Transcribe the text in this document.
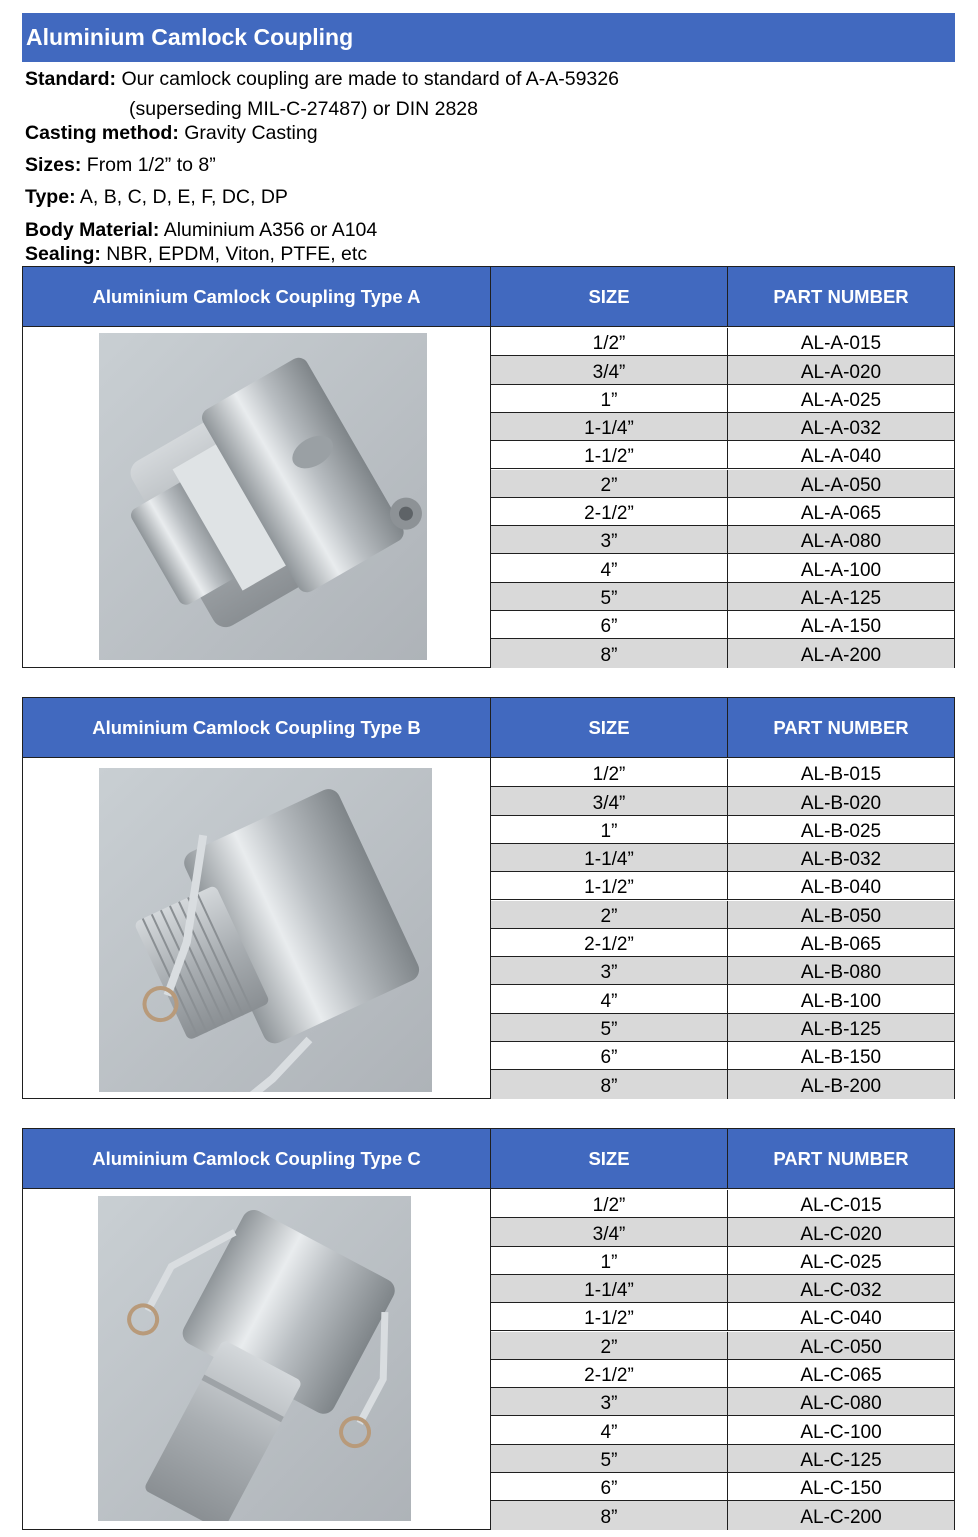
Aluminium Camlock Coupling
Standard: Our camlock coupling are made to standard of A-A-59326
(superseding MIL-C-27487) or DIN 2828
Casting method: Gravity Casting
Sizes: From 1/2” to 8”
Type: A, B, C, D, E, F, DC, DP
Body Material: Aluminium A356 or A104
Sealing: NBR, EPDM, Viton, PTFE, etc
Aluminium Camlock Coupling Type A	SIZE	PART NUMBER
1/2”	AL-A-015
3/4”	AL-A-020
1”	AL-A-025
1-1/4”	AL-A-032
1-1/2”	AL-A-040
2”	AL-A-050
2-1/2”	AL-A-065
3”	AL-A-080
4”	AL-A-100
5”	AL-A-125
6”	AL-A-150
8”	AL-A-200
Aluminium Camlock Coupling Type B	SIZE	PART NUMBER
1/2”	AL-B-015
3/4”	AL-B-020
1”	AL-B-025
1-1/4”	AL-B-032
1-1/2”	AL-B-040
2”	AL-B-050
2-1/2”	AL-B-065
3”	AL-B-080
4”	AL-B-100
5”	AL-B-125
6”	AL-B-150
8”	AL-B-200
Aluminium Camlock Coupling Type C	SIZE	PART NUMBER
1/2”	AL-C-015
3/4”	AL-C-020
1”	AL-C-025
1-1/4”	AL-C-032
1-1/2”	AL-C-040
2”	AL-C-050
2-1/2”	AL-C-065
3”	AL-C-080
4”	AL-C-100
5”	AL-C-125
6”	AL-C-150
8”	AL-C-200
